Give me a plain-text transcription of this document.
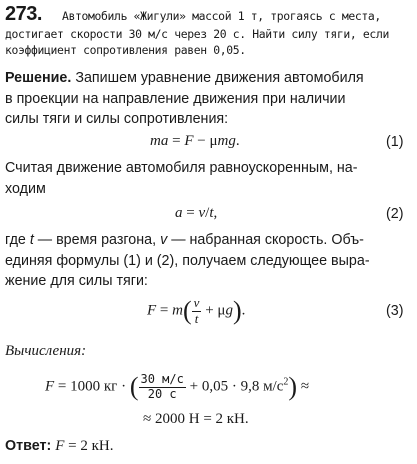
273. Автомобиль «Жигули» массой 1 т, трогаясь с места,
достигает скорости 30 м/с через 20 с. Найти силу тяги, если
коэффициент сопротивления равен 0,05.
Решение. Запишем уравнение движения автомобиля
в проекции на направление движения при наличии
силы тяги и силы сопротивления:
ma = F − μmg.	(1)
Считая движение автомобиля равноускоренным, на-
ходим
a = v/t,	(2)
где t — время разгона, v — набранная скорость. Объ-
единяя формулы (1) и (2), получаем следующее выра-
жение для силы тяги:
$F = m( \frac{v}{t} + \mu g)$.	(3)
Вычисления:
F = 1000 кг · ( $\frac{30 м/с}{20 с} + 0,05 \cdot 9,8$ $м/с^2$) ≈
≈ 2000 Н = 2 кН.
Ответ: F = 2 кН.
